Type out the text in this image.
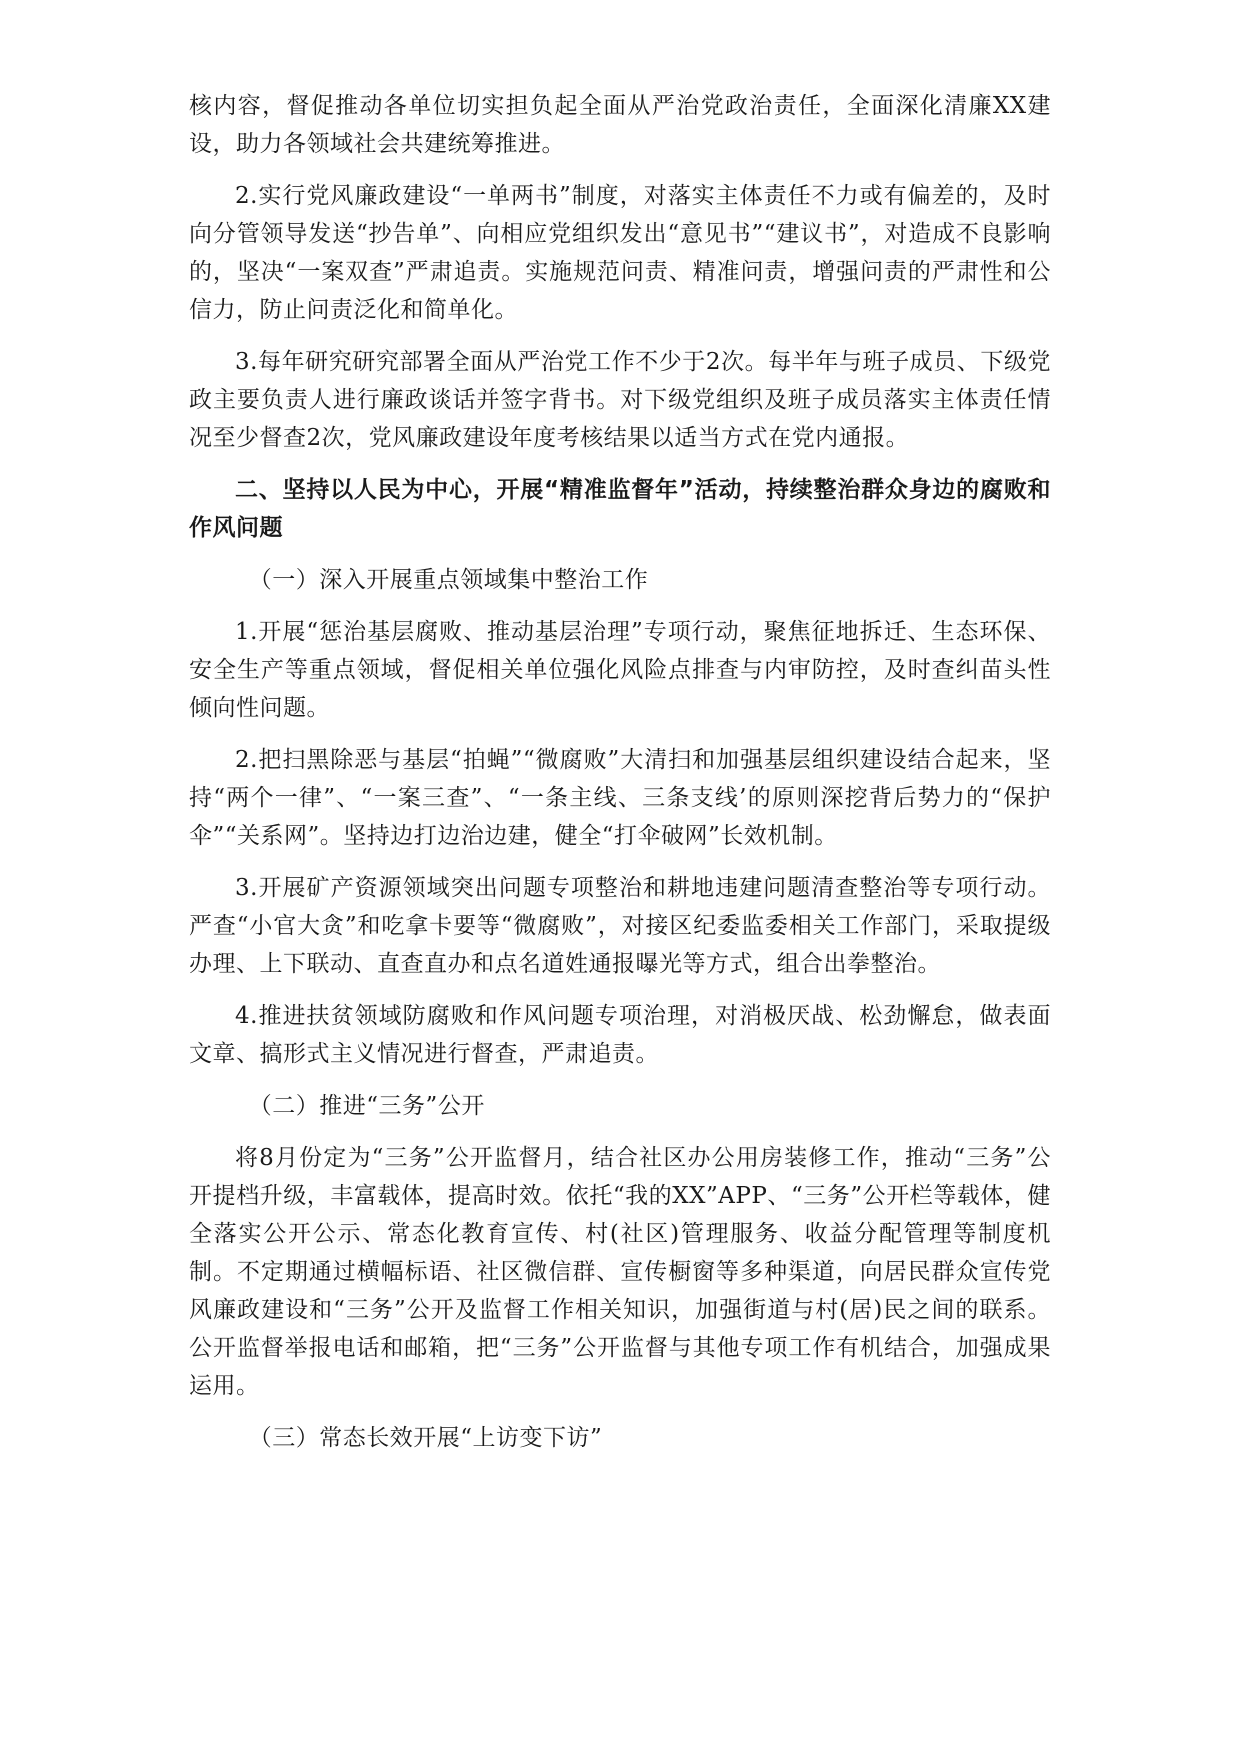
核内容，督促推动各单位切实担负起全面从严治党政治责任，全面深化清廉XX建设，助力各领域社会共建统筹推进。

2.实行党风廉政建设“一单两书”制度，对落实主体责任不力或有偏差的，及时向分管领导发送“抄告单”、向相应党组织发出“意见书”“建议书”，对造成不良影响的，坚决“一案双查”严肃追责。实施规范问责、精准问责，增强问责的严肃性和公信力，防止问责泛化和简单化。

3.每年研究研究部署全面从严治党工作不少于2次。每半年与班子成员、下级党政主要负责人进行廉政谈话并签字背书。对下级党组织及班子成员落实主体责任情况至少督查2次，党风廉政建设年度考核结果以适当方式在党内通报。

二、坚持以人民为中心，开展“精准监督年”活动，持续整治群众身边的腐败和作风问题

（一）深入开展重点领域集中整治工作

1.开展“惩治基层腐败、推动基层治理”专项行动，聚焦征地拆迁、生态环保、安全生产等重点领域，督促相关单位强化风险点排查与内审防控，及时查纠苗头性倾向性问题。

2.把扫黑除恶与基层“拍蝇”“微腐败”大清扫和加强基层组织建设结合起来，坚持“两个一律”、“一案三查”、“一条主线、三条支线’的原则深挖背后势力的“保护伞”“关系网”。坚持边打边治边建，健全“打伞破网”长效机制。

3.开展矿产资源领域突出问题专项整治和耕地违建问题清查整治等专项行动。严查“小官大贪”和吃拿卡要等“微腐败”，对接区纪委监委相关工作部门，采取提级办理、上下联动、直查直办和点名道姓通报曝光等方式，组合出拳整治。

4.推进扶贫领域防腐败和作风问题专项治理，对消极厌战、松劲懈怠，做表面文章、搞形式主义情况进行督查，严肃追责。

（二）推进“三务”公开

将8月份定为“三务”公开监督月，结合社区办公用房装修工作，推动“三务”公开提档升级，丰富载体，提高时效。依托“我的XX”APP、“三务”公开栏等载体，健全落实公开公示、常态化教育宣传、村(社区)管理服务、收益分配管理等制度机制。不定期通过横幅标语、社区微信群、宣传橱窗等多种渠道，向居民群众宣传党风廉政建设和“三务”公开及监督工作相关知识，加强街道与村(居)民之间的联系。公开监督举报电话和邮箱，把“三务”公开监督与其他专项工作有机结合，加强成果运用。

（三）常态长效开展“上访变下访”
